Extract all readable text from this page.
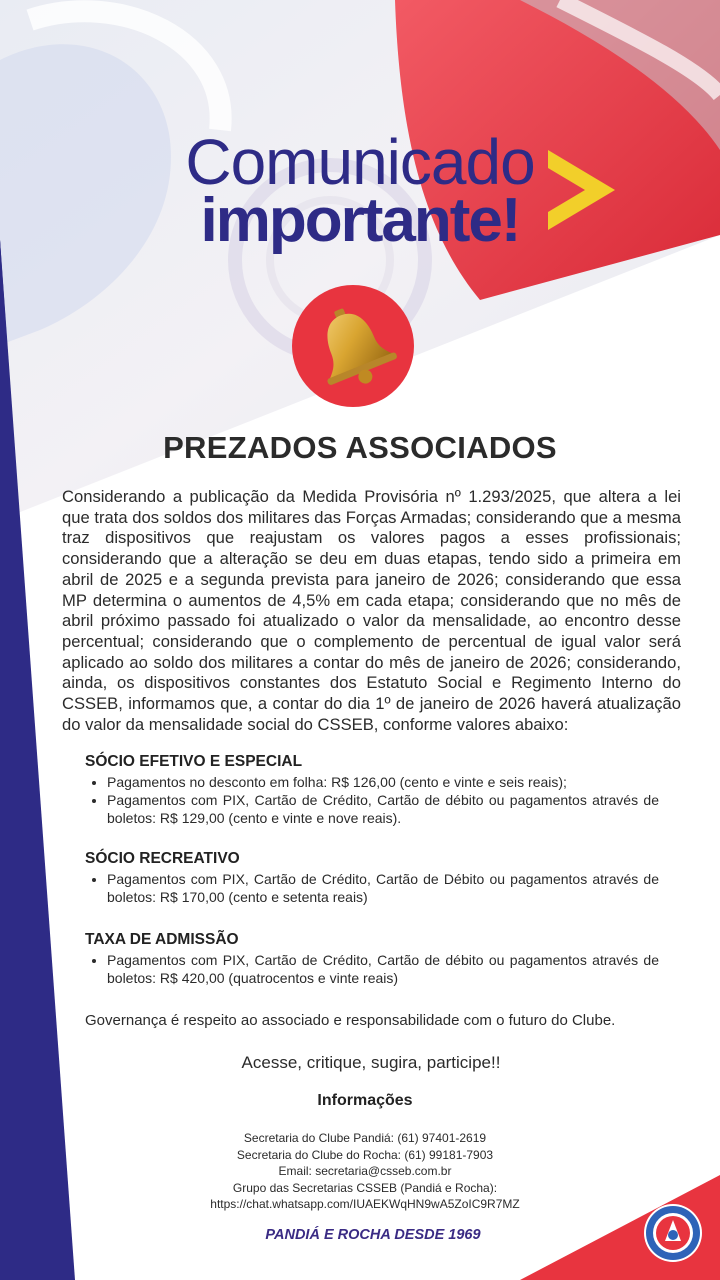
Comunicado
importante!
PREZADOS ASSOCIADOS
Considerando a publicação da Medida Provisória nº 1.293/2025, que altera a lei que trata dos soldos dos militares das Forças Armadas; considerando que a mesma traz dispositivos que reajustam os valores pagos a esses profissionais; considerando que a alteração se deu em duas etapas, tendo sido a primeira em abril de 2025 e a segunda prevista para janeiro de 2026; considerando que essa MP determina o aumentos de 4,5% em cada etapa; considerando que no mês de abril próximo passado foi atualizado o valor da mensalidade, ao encontro desse percentual; considerando que o complemento de percentual de igual valor será aplicado ao soldo dos militares a contar do mês de janeiro de 2026; considerando, ainda, os dispositivos constantes dos Estatuto Social e Regimento Interno do CSSEB, informamos que, a contar do dia 1º de janeiro de 2026 haverá atualização do valor da mensalidade social do CSSEB, conforme valores abaixo:
SÓCIO EFETIVO E ESPECIAL
• Pagamentos no desconto em folha: R$ 126,00 (cento e vinte e seis reais);
• Pagamentos com PIX, Cartão de Crédito, Cartão de débito ou pagamentos através de boletos: R$ 129,00 (cento e vinte e nove reais).
SÓCIO RECREATIVO
• Pagamentos com PIX, Cartão de Crédito, Cartão de Débito ou pagamentos através de boletos: R$ 170,00 (cento e setenta reais)
TAXA DE ADMISSÃO
• Pagamentos com PIX, Cartão de Crédito, Cartão de débito ou pagamentos através de boletos: R$ 420,00 (quatrocentos e vinte reais)
Governança é respeito ao associado e responsabilidade com o futuro do Clube.
Acesse, critique, sugira, participe!!
Informações
Secretaria do Clube Pandiá: (61) 97401-2619
Secretaria do Clube do Rocha: (61) 99181-7903
Email: secretaria@csseb.com.br
Grupo das Secretarias CSSEB (Pandiá e Rocha):
https://chat.whatsapp.com/IUAEKWqHN9wA5ZoIC9R7MZ
PANDIÁ E ROCHA DESDE 1969
